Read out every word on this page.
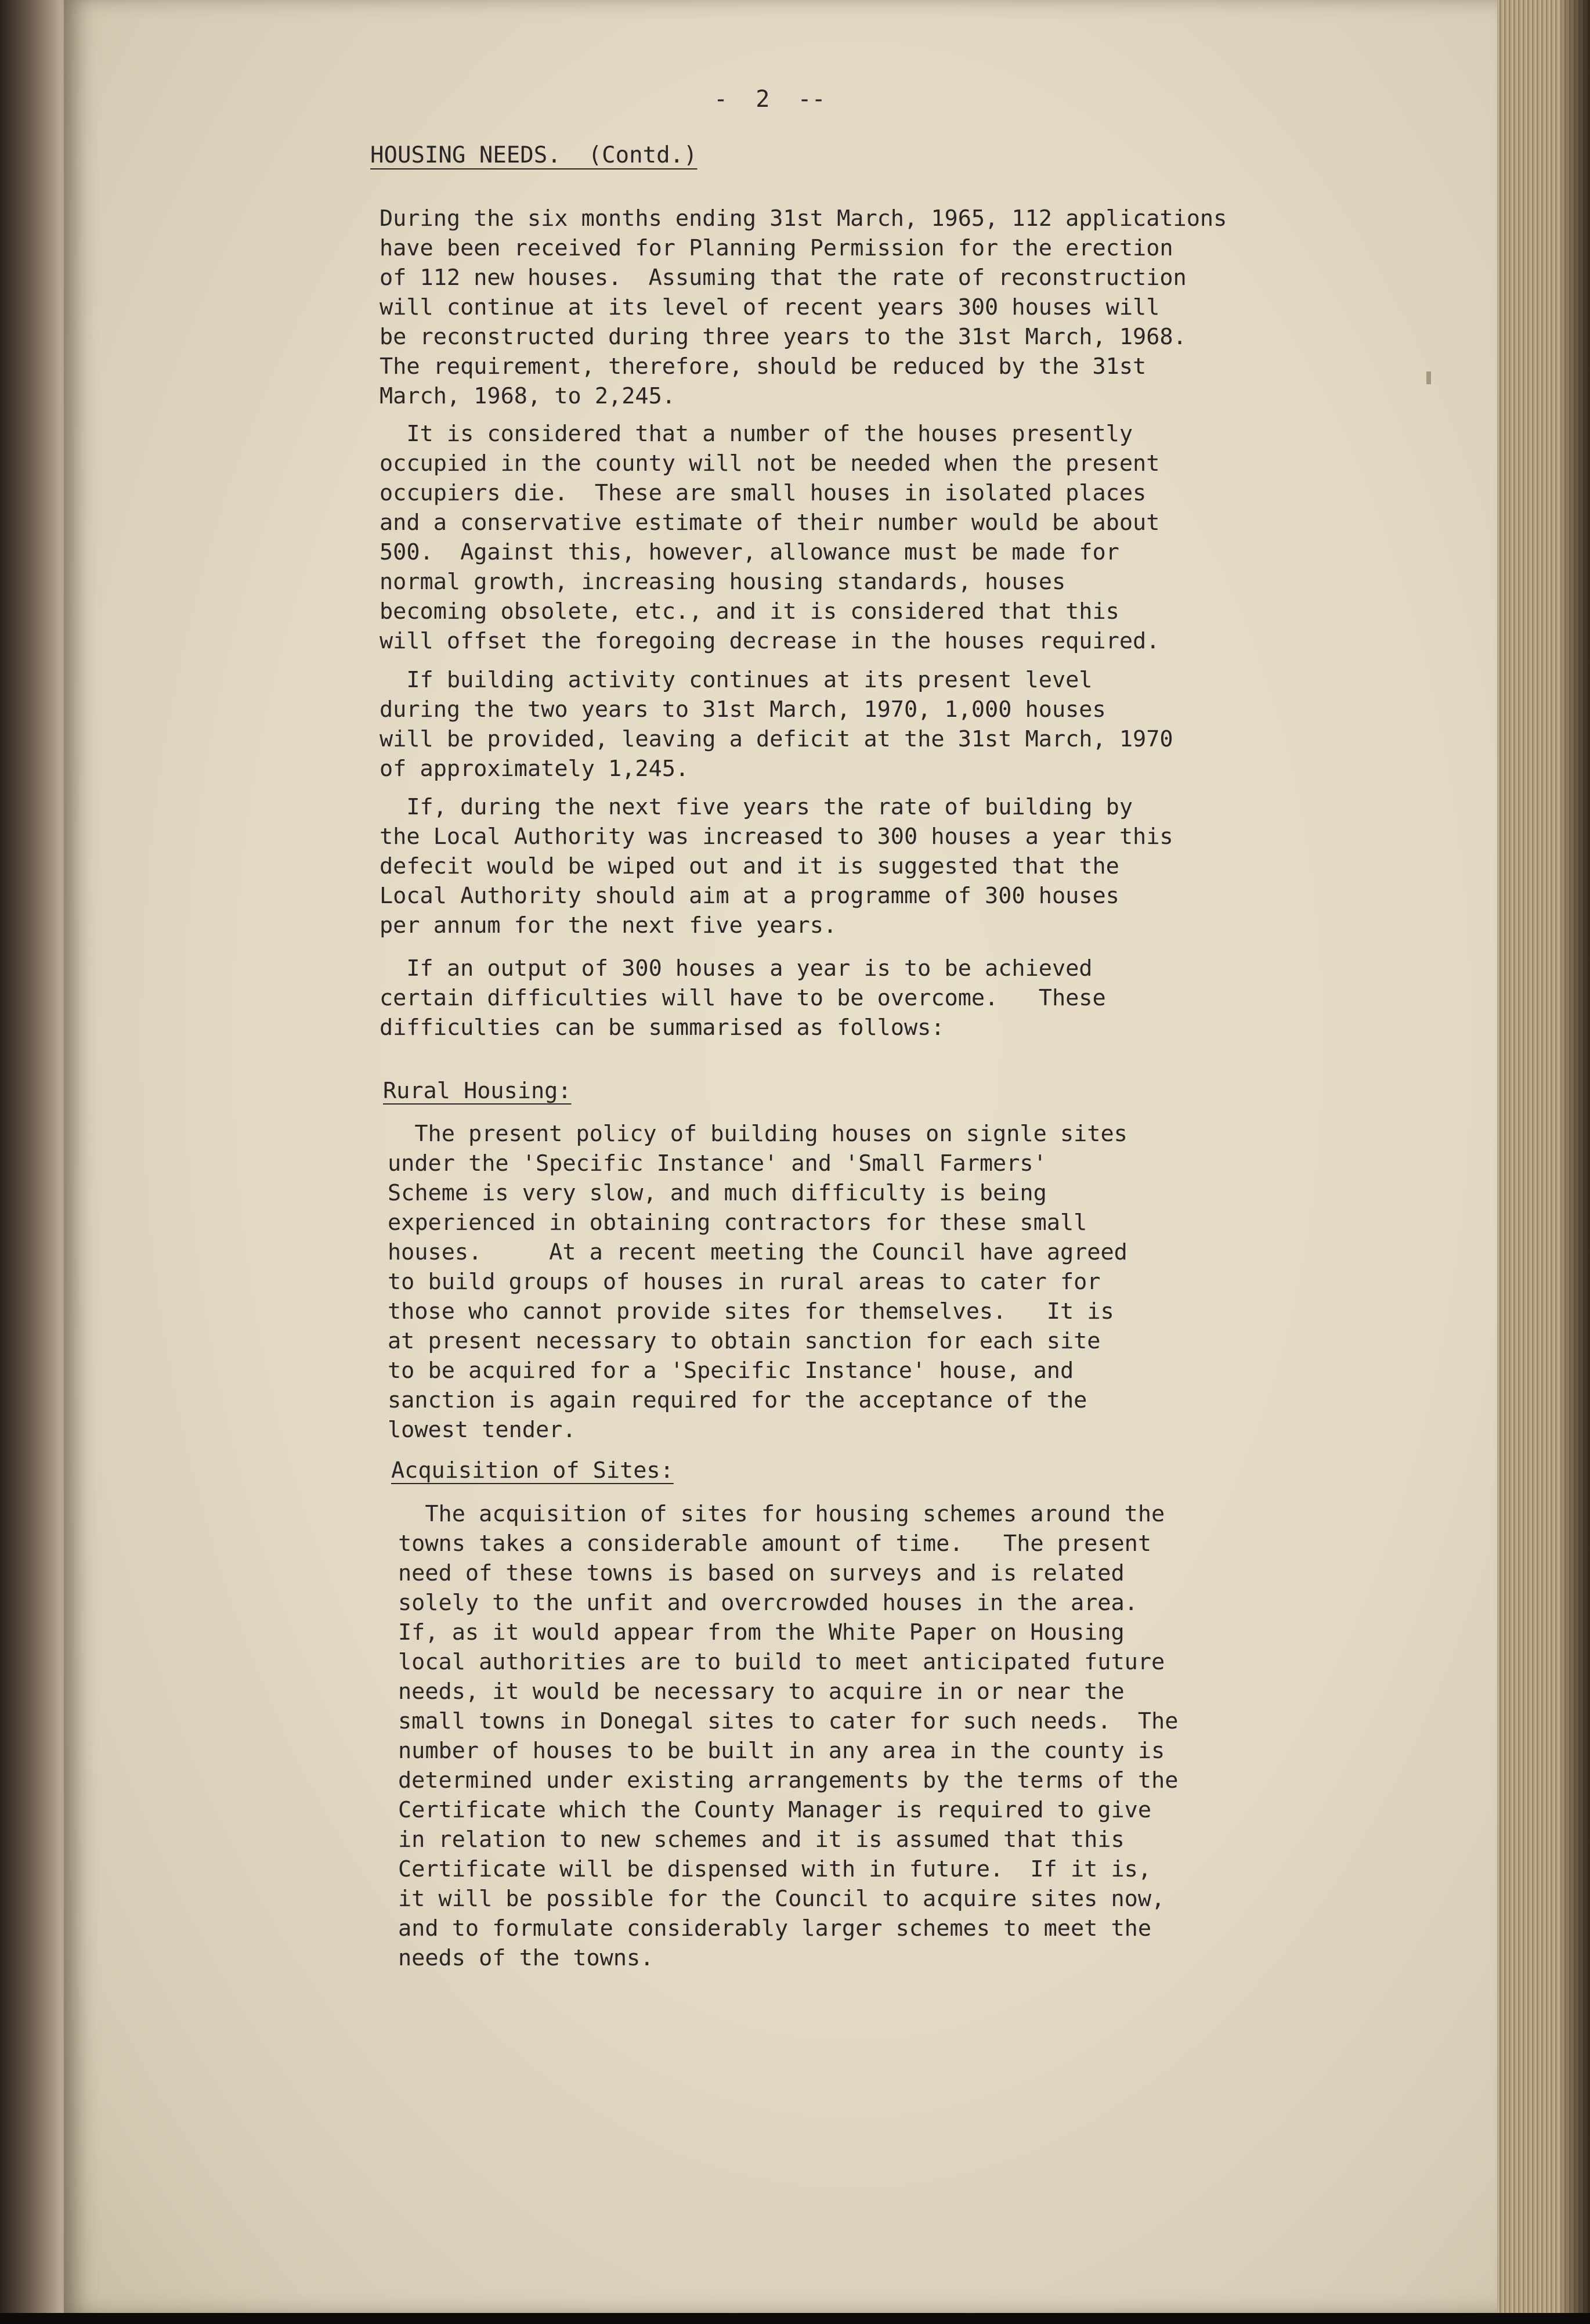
-  2  --

HOUSING NEEDS.  (Contd.)

During the six months ending 31st March, 1965, 112 applications

have been received for Planning Permission for the erection

of 112 new houses.  Assuming that the rate of reconstruction

will continue at its level of recent years 300 houses will

be reconstructed during three years to the 31st March, 1968.

The requirement, therefore, should be reduced by the 31st

March, 1968, to 2,245.

It is considered that a number of the houses presently

occupied in the county will not be needed when the present

occupiers die.  These are small houses in isolated places

and a conservative estimate of their number would be about

500.  Against this, however, allowance must be made for

normal growth, increasing housing standards, houses

becoming obsolete, etc., and it is considered that this

will offset the foregoing decrease in the houses required.

If building activity continues at its present level

during the two years to 31st March, 1970, 1,000 houses

will be provided, leaving a deficit at the 31st March, 1970

of approximately 1,245.

If, during the next five years the rate of building by

the Local Authority was increased to 300 houses a year this

defecit would be wiped out and it is suggested that the

Local Authority should aim at a programme of 300 houses

per annum for the next five years.

If an output of 300 houses a year is to be achieved

certain difficulties will have to be overcome.   These

difficulties can be summarised as follows:

Rural Housing:

The present policy of building houses on signle sites

under the 'Specific Instance' and 'Small Farmers'

Scheme is very slow, and much difficulty is being

experienced in obtaining contractors for these small

houses.     At a recent meeting the Council have agreed

to build groups of houses in rural areas to cater for

those who cannot provide sites for themselves.   It is

at present necessary to obtain sanction for each site

to be acquired for a 'Specific Instance' house, and

sanction is again required for the acceptance of the

lowest tender.

Acquisition of Sites:

The acquisition of sites for housing schemes around the

towns takes a considerable amount of time.   The present

need of these towns is based on surveys and is related

solely to the unfit and overcrowded houses in the area.

If, as it would appear from the White Paper on Housing

local authorities are to build to meet anticipated future

needs, it would be necessary to acquire in or near the

small towns in Donegal sites to cater for such needs.  The

number of houses to be built in any area in the county is

determined under existing arrangements by the terms of the

Certificate which the County Manager is required to give

in relation to new schemes and it is assumed that this

Certificate will be dispensed with in future.  If it is,

it will be possible for the Council to acquire sites now,

and to formulate considerably larger schemes to meet the

needs of the towns.
